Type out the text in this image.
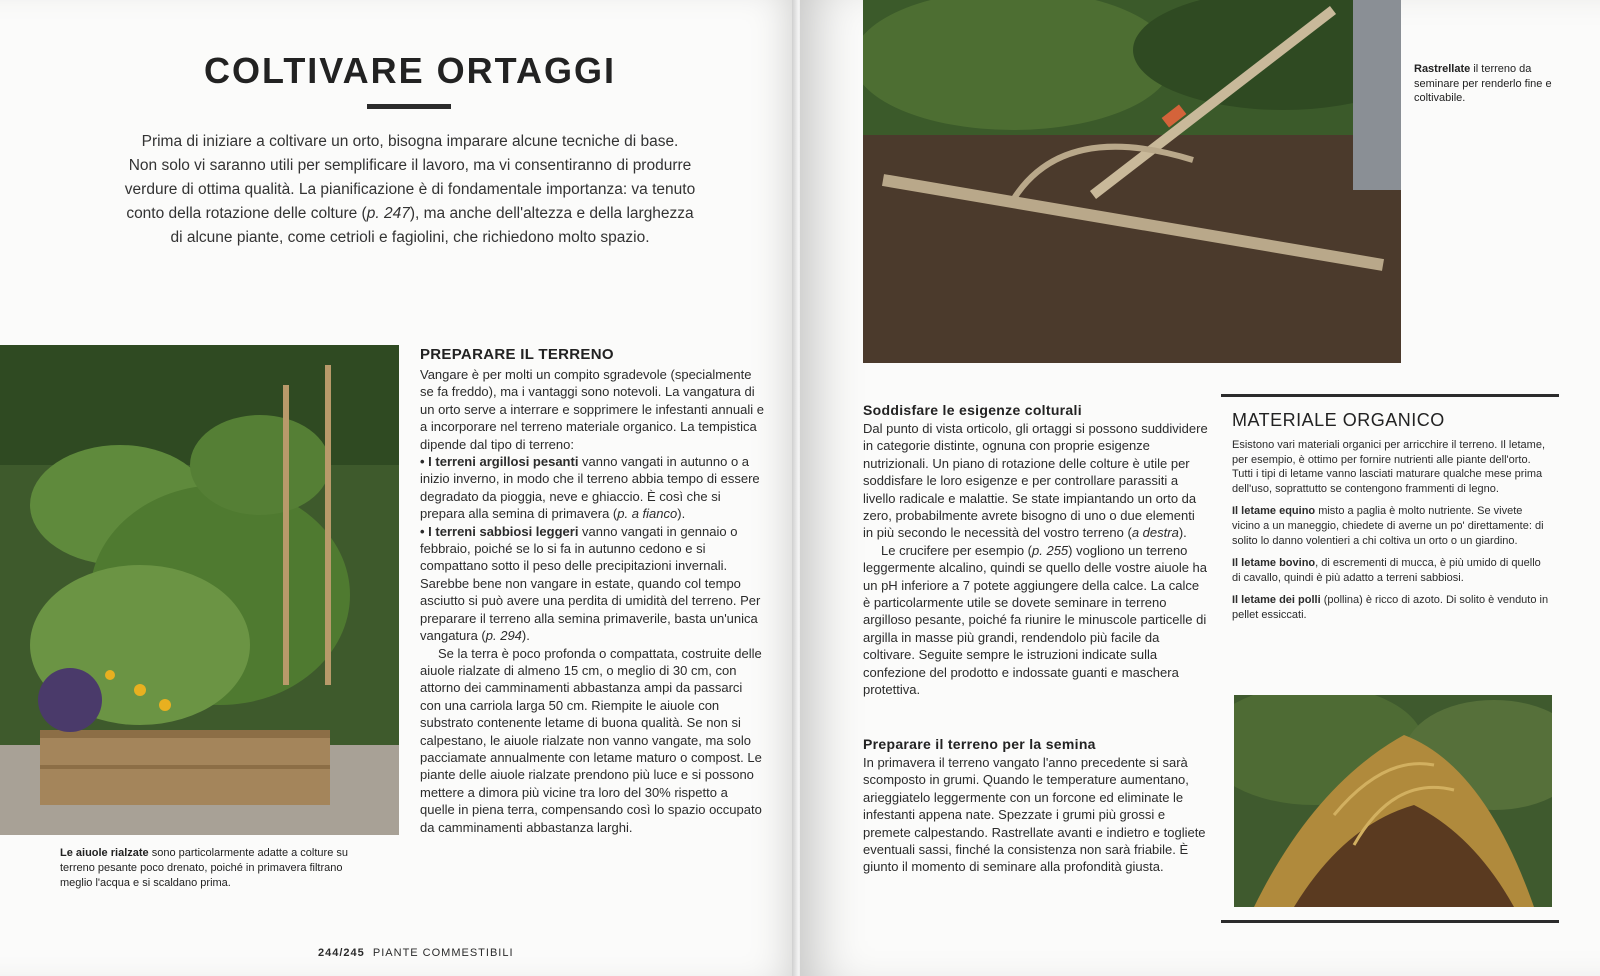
COLTIVARE ORTAGGI
Prima di iniziare a coltivare un orto, bisogna imparare alcune tecniche di base.
Non solo vi saranno utili per semplificare il lavoro, ma vi consentiranno di produrre
verdure di ottima qualità. La pianificazione è di fondamentale importanza: va tenuto
conto della rotazione delle colture (p. 247), ma anche dell'altezza e della larghezza
di alcune piante, come cetrioli e fagiolini, che richiedono molto spazio.
Le aiuole rialzate sono particolarmente adatte a colture su terreno pesante poco drenato, poiché in primavera filtrano meglio l'acqua e si scaldano prima.
PREPARARE IL TERRENO

Vangare è per molti un compito sgradevole (specialmente se fa freddo), ma i vantaggi sono notevoli. La vangatura di un orto serve a interrare e sopprimere le infestanti annuali e a incorporare nel terreno materiale organico. La tempistica dipende dal tipo di terreno:

• I terreni argillosi pesanti vanno vangati in autunno o a inizio inverno, in modo che il terreno abbia tempo di essere degradato da pioggia, neve e ghiaccio. È così che si prepara alla semina di primavera (p. a fianco).

• I terreni sabbiosi leggeri vanno vangati in gennaio o febbraio, poiché se lo si fa in autunno cedono e si compattano sotto il peso delle precipitazioni invernali. Sarebbe bene non vangare in estate, quando col tempo asciutto si può avere una perdita di umidità del terreno. Per preparare il terreno alla semina primaverile, basta un'unica vangatura (p. 294).

Se la terra è poco profonda o compattata, costruite delle aiuole rialzate di almeno 15 cm, o meglio di 30 cm, con attorno dei camminamenti abbastanza ampi da passarci con una carriola larga 50 cm. Riempite le aiuole con substrato contenente letame di buona qualità. Se non si calpestano, le aiuole rialzate non vanno vangate, ma solo pacciamate annualmente con letame maturo o compost. Le piante delle aiuole rialzate prendono più luce e si possono mettere a dimora più vicine tra loro del 30% rispetto a quelle in piena terra, compensando così lo spazio occupato da camminamenti abbastanza larghi.

244/245 PIANTE COMMESTIBILI
Rastrellate il terreno da seminare per renderlo fine e coltivabile.
Soddisfare le esigenze colturali

Dal punto di vista orticolo, gli ortaggi si possono suddividere in categorie distinte, ognuna con proprie esigenze nutrizionali. Un piano di rotazione delle colture è utile per soddisfare le loro esigenze e per controllare parassiti a livello radicale e malattie. Se state impiantando un orto da zero, probabilmente avrete bisogno di uno o due elementi in più secondo le necessità del vostro terreno (a destra).

Le crucifere per esempio (p. 255) vogliono un terreno leggermente alcalino, quindi se quello delle vostre aiuole ha un pH inferiore a 7 potete aggiungere della calce. La calce è particolarmente utile se dovete seminare in terreno argilloso pesante, poiché fa riunire le minuscole particelle di argilla in masse più grandi, rendendolo più facile da coltivare. Seguite sempre le istruzioni indicate sulla confezione del prodotto e indossate guanti e maschera protettiva.

Preparare il terreno per la semina

In primavera il terreno vangato l'anno precedente si sarà scomposto in grumi. Quando le temperature aumentano, arieggiatelo leggermente con un forcone ed eliminate le infestanti appena nate. Spezzate i grumi più grossi e premete calpestando. Rastrellate avanti e indietro e togliete eventuali sassi, finché la consistenza non sarà friabile. È giunto il momento di seminare alla profondità giusta.

MATERIALE ORGANICO

Esistono vari materiali organici per arricchire il terreno. Il letame, per esempio, è ottimo per fornire nutrienti alle piante dell'orto. Tutti i tipi di letame vanno lasciati maturare qualche mese prima dell'uso, soprattutto se contengono frammenti di legno.

Il letame equino misto a paglia è molto nutriente. Se vivete vicino a un maneggio, chiedete di averne un po' direttamente: di solito lo danno volentieri a chi coltiva un orto o un giardino.

Il letame bovino, di escrementi di mucca, è più umido di quello di cavallo, quindi è più adatto a terreni sabbiosi.

Il letame dei polli (pollina) è ricco di azoto. Di solito è venduto in pellet essiccati.
